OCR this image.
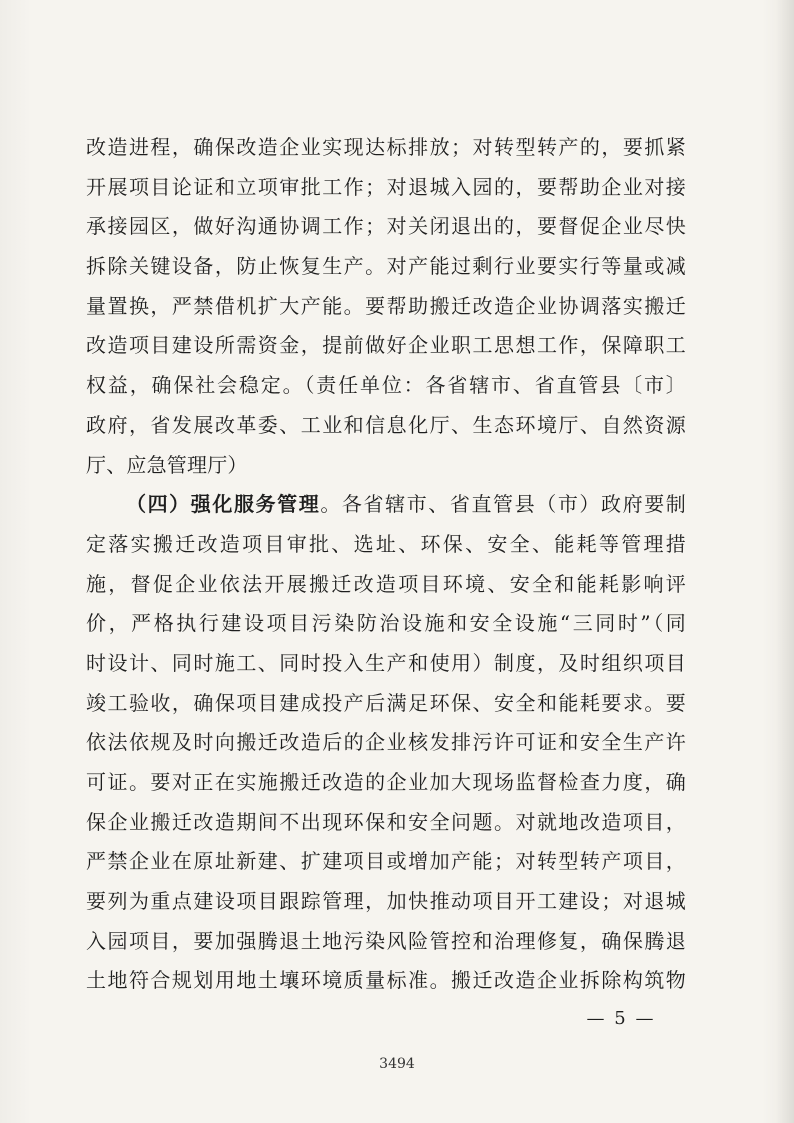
改造进程，确保改造企业实现达标排放；对转型转产的，要抓紧
开展项目论证和立项审批工作；对退城入园的，要帮助企业对接
承接园区，做好沟通协调工作；对关闭退出的，要督促企业尽快
拆除关键设备，防止恢复生产。对产能过剩行业要实行等量或减
量置换，严禁借机扩大产能。要帮助搬迁改造企业协调落实搬迁
改造项目建设所需资金，提前做好企业职工思想工作，保障职工
权益，确保社会稳定。（责任单位：各省辖市、省直管县〔市〕
政府，省发展改革委、工业和信息化厅、生态环境厅、自然资源
厅、应急管理厅）
（四）强化服务管理。各省辖市、省直管县（市）政府要制
定落实搬迁改造项目审批、选址、环保、安全、能耗等管理措
施，督促企业依法开展搬迁改造项目环境、安全和能耗影响评
价，严格执行建设项目污染防治设施和安全设施“三同时”（同
时设计、同时施工、同时投入生产和使用）制度，及时组织项目
竣工验收，确保项目建成投产后满足环保、安全和能耗要求。要
依法依规及时向搬迁改造后的企业核发排污许可证和安全生产许
可证。要对正在实施搬迁改造的企业加大现场监督检查力度，确
保企业搬迁改造期间不出现环保和安全问题。对就地改造项目，
严禁企业在原址新建、扩建项目或增加产能；对转型转产项目，
要列为重点建设项目跟踪管理，加快推动项目开工建设；对退城
入园项目，要加强腾退土地污染风险管控和治理修复，确保腾退
土地符合规划用地土壤环境质量标准。搬迁改造企业拆除构筑物
— 5 —
3494
